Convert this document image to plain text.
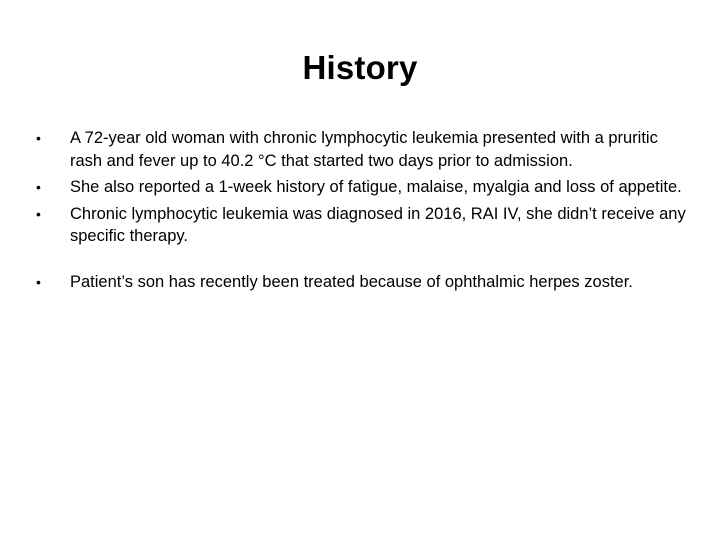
History
•	A 72-year old woman with chronic lymphocytic leukemia presented with a pruritic rash and fever up to 40.2 °C that started two days prior to admission.
•	She also reported a 1-week history of fatigue, malaise, myalgia and loss of appetite.
•	Chronic lymphocytic leukemia was diagnosed in 2016, RAI IV, she didn’t receive any specific therapy.
•	Patient’s son has recently been treated because of ophthalmic herpes zoster.
